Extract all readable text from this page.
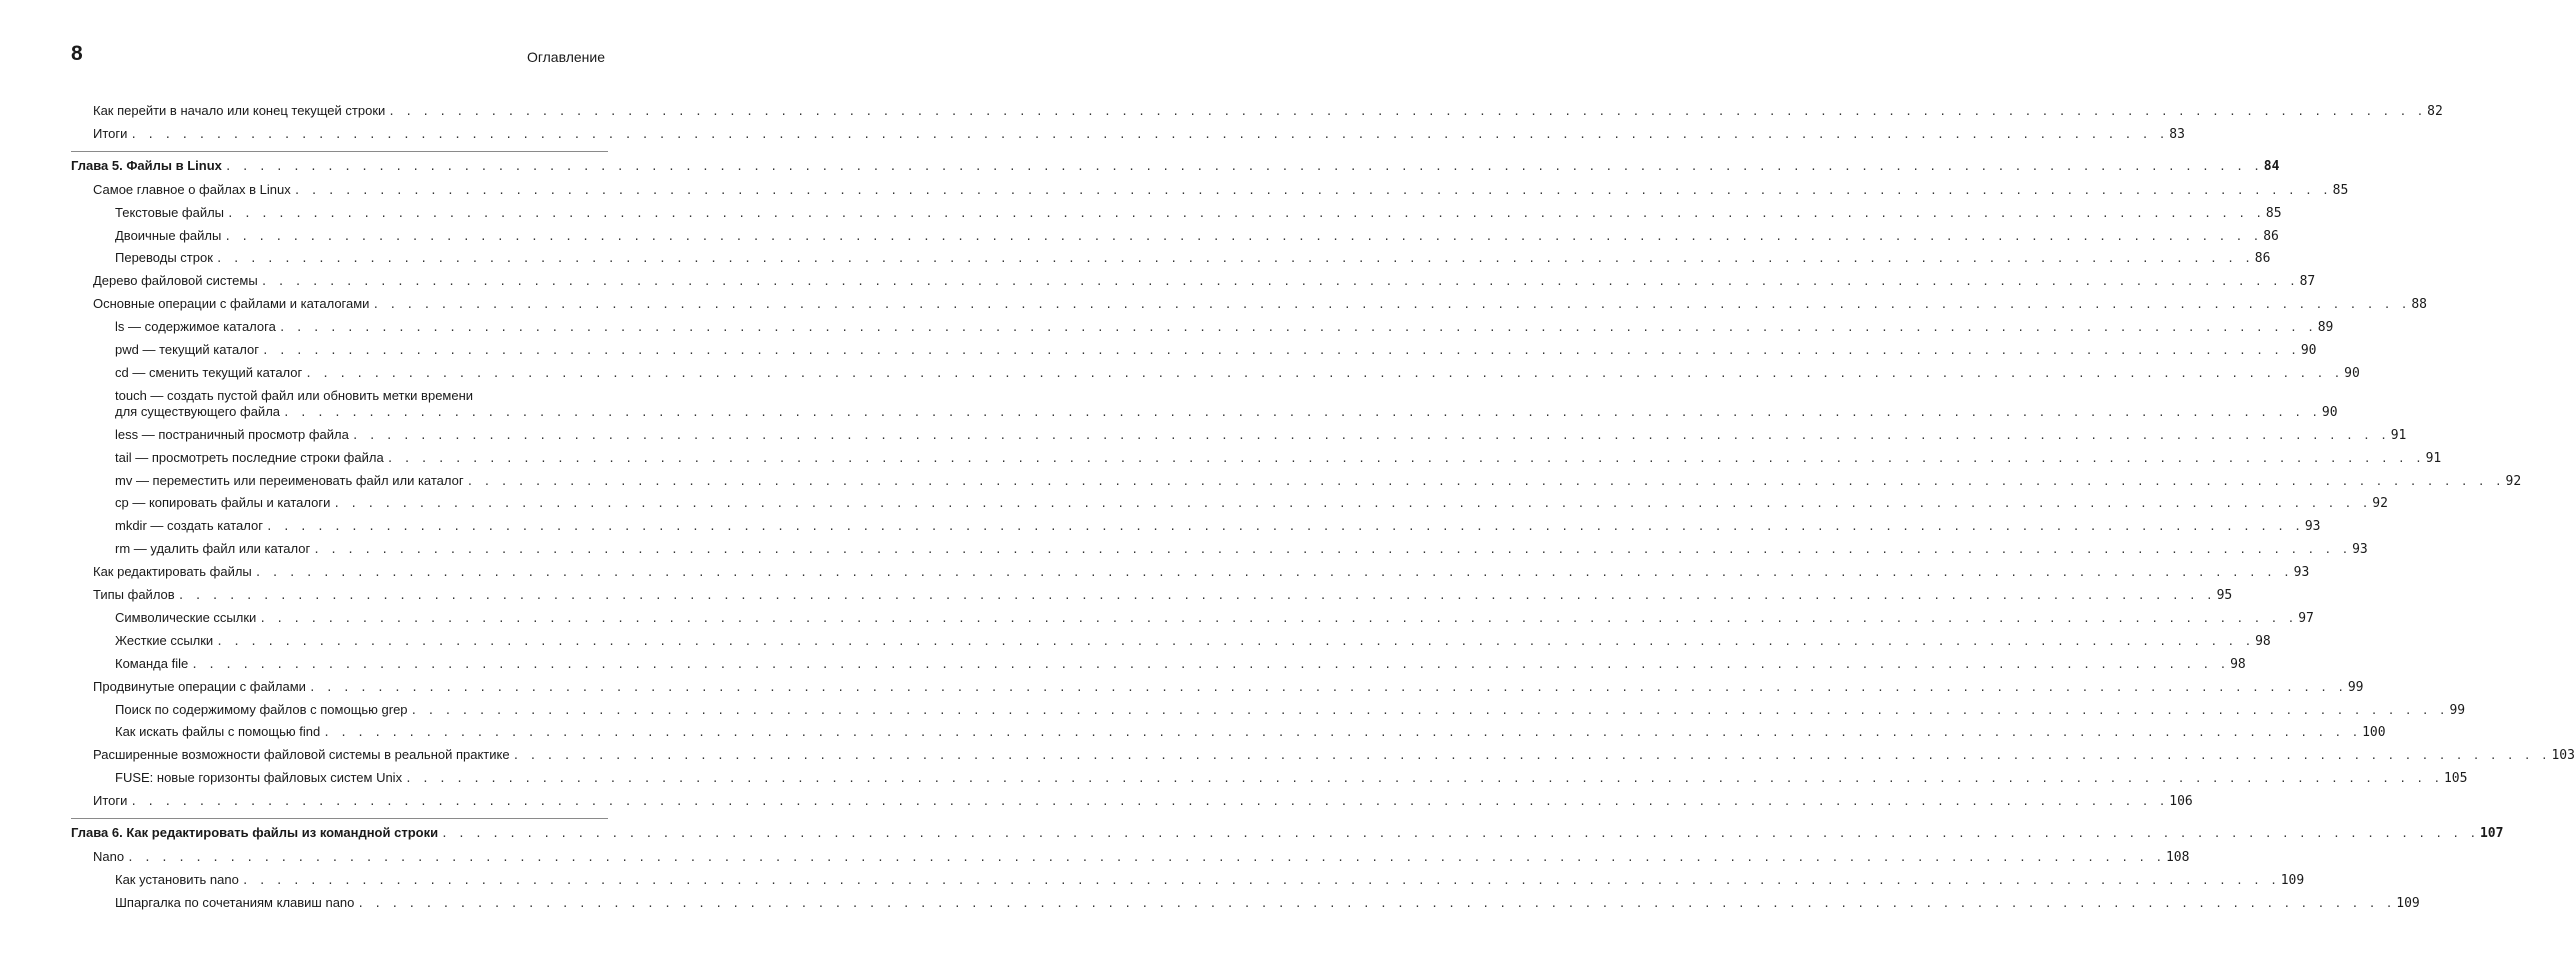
8	Оглавление
Как перейти в начало или конец текущей строки . . . . . . . . . . . . . . . . . . . . . . . . . . . . . . . . . . . . . . . . . . . . . . . . . . . . . . . . . . . . . . . . . . . . . . . . . . . . . . . . . . . . . . . . . . . . . . . . . . . . . . . . . . . . . . . . . . . . . . . . 82
Итоги . . . . . . . . . . . . . . . . . . . . . . . . . . . . . . . . . . . . . . . . . . . . . . . . . . . . . . . . . . . . . . . . . . . . . . . . . . . . . . . . . . . . . . . . . . . . . . . . . . . . . . . . . . . . . . . . . . . . . . . . 83
Глава 5. Файлы в Linux . . . . . . . . . . . . . . . . . . . . . . . . . . . . . . . . . . . . . . . . . . . . . . . . . . . . . . . . . . . . . . . . . . . . . . . . . . . . . . . . . . . . . . . . . . . . . . . . . . . . . . . . . . . . . . . . . . . . . . . . 84
Самое главное о файлах в Linux . . . . . . . . . . . . . . . . . . . . . . . . . . . . . . . . . . . . . . . . . . . . . . . . . . . . . . . . . . . . . . . . . . . . . . . . . . . . . . . . . . . . . . . . . . . . . . . . . . . . . . . . . . . . . . . . . . . . . . . . 85
Текстовые файлы . . . . . . . . . . . . . . . . . . . . . . . . . . . . . . . . . . . . . . . . . . . . . . . . . . . . . . . . . . . . . . . . . . . . . . . . . . . . . . . . . . . . . . . . . . . . . . . . . . . . . . . . . . . . . . . . . . . . . . . . 85
Двоичные файлы . . . . . . . . . . . . . . . . . . . . . . . . . . . . . . . . . . . . . . . . . . . . . . . . . . . . . . . . . . . . . . . . . . . . . . . . . . . . . . . . . . . . . . . . . . . . . . . . . . . . . . . . . . . . . . . . . . . . . . . . 86
Переводы строк . . . . . . . . . . . . . . . . . . . . . . . . . . . . . . . . . . . . . . . . . . . . . . . . . . . . . . . . . . . . . . . . . . . . . . . . . . . . . . . . . . . . . . . . . . . . . . . . . . . . . . . . . . . . . . . . . . . . . . . . 86
Дерево файловой системы . . . . . . . . . . . . . . . . . . . . . . . . . . . . . . . . . . . . . . . . . . . . . . . . . . . . . . . . . . . . . . . . . . . . . . . . . . . . . . . . . . . . . . . . . . . . . . . . . . . . . . . . . . . . . . . . . . . . . . . . 87
Основные операции с файлами и каталогами . . . . . . . . . . . . . . . . . . . . . . . . . . . . . . . . . . . . . . . . . . . . . . . . . . . . . . . . . . . . . . . . . . . . . . . . . . . . . . . . . . . . . . . . . . . . . . . . . . . . . . . . . . . . . . . . . . . . . . . . 88
ls — содержимое каталога . . . . . . . . . . . . . . . . . . . . . . . . . . . . . . . . . . . . . . . . . . . . . . . . . . . . . . . . . . . . . . . . . . . . . . . . . . . . . . . . . . . . . . . . . . . . . . . . . . . . . . . . . . . . . . . . . . . . . . . . 89
pwd — текущий каталог . . . . . . . . . . . . . . . . . . . . . . . . . . . . . . . . . . . . . . . . . . . . . . . . . . . . . . . . . . . . . . . . . . . . . . . . . . . . . . . . . . . . . . . . . . . . . . . . . . . . . . . . . . . . . . . . . . . . . . . . 90
cd — сменить текущий каталог . . . . . . . . . . . . . . . . . . . . . . . . . . . . . . . . . . . . . . . . . . . . . . . . . . . . . . . . . . . . . . . . . . . . . . . . . . . . . . . . . . . . . . . . . . . . . . . . . . . . . . . . . . . . . . . . . . . . . . . . 90
touch — создать пустой файл или обновить метки времени
для существующего файла . . . . . . . . . . . . . . . . . . . . . . . . . . . . . . . . . . . . . . . . . . . . . . . . . . . . . . . . . . . . . . . . . . . . . . . . . . . . . . . . . . . . . . . . . . . . . . . . . . . . . . . . . . . . . . . . . . . . . . . . 90
less — постраничный просмотр файла . . . . . . . . . . . . . . . . . . . . . . . . . . . . . . . . . . . . . . . . . . . . . . . . . . . . . . . . . . . . . . . . . . . . . . . . . . . . . . . . . . . . . . . . . . . . . . . . . . . . . . . . . . . . . . . . . . . . . . . . 91
tail — просмотреть последние строки файла . . . . . . . . . . . . . . . . . . . . . . . . . . . . . . . . . . . . . . . . . . . . . . . . . . . . . . . . . . . . . . . . . . . . . . . . . . . . . . . . . . . . . . . . . . . . . . . . . . . . . . . . . . . . . . . . . . . . . . . . 91
mv — переместить или переименовать файл или каталог . . . . . . . . . . . . . . . . . . . . . . . . . . . . . . . . . . . . . . . . . . . . . . . . . . . . . . . . . . . . . . . . . . . . . . . . . . . . . . . . . . . . . . . . . . . . . . . . . . . . . . . . . . . . . . . . . . . . . . . . 92
cp — копировать файлы и каталоги . . . . . . . . . . . . . . . . . . . . . . . . . . . . . . . . . . . . . . . . . . . . . . . . . . . . . . . . . . . . . . . . . . . . . . . . . . . . . . . . . . . . . . . . . . . . . . . . . . . . . . . . . . . . . . . . . . . . . . . . 92
mkdir — создать каталог . . . . . . . . . . . . . . . . . . . . . . . . . . . . . . . . . . . . . . . . . . . . . . . . . . . . . . . . . . . . . . . . . . . . . . . . . . . . . . . . . . . . . . . . . . . . . . . . . . . . . . . . . . . . . . . . . . . . . . . . 93
rm — удалить файл или каталог . . . . . . . . . . . . . . . . . . . . . . . . . . . . . . . . . . . . . . . . . . . . . . . . . . . . . . . . . . . . . . . . . . . . . . . . . . . . . . . . . . . . . . . . . . . . . . . . . . . . . . . . . . . . . . . . . . . . . . . . 93
Как редактировать файлы . . . . . . . . . . . . . . . . . . . . . . . . . . . . . . . . . . . . . . . . . . . . . . . . . . . . . . . . . . . . . . . . . . . . . . . . . . . . . . . . . . . . . . . . . . . . . . . . . . . . . . . . . . . . . . . . . . . . . . . . 93
Типы файлов . . . . . . . . . . . . . . . . . . . . . . . . . . . . . . . . . . . . . . . . . . . . . . . . . . . . . . . . . . . . . . . . . . . . . . . . . . . . . . . . . . . . . . . . . . . . . . . . . . . . . . . . . . . . . . . . . . . . . . . . 95
Символические ссылки . . . . . . . . . . . . . . . . . . . . . . . . . . . . . . . . . . . . . . . . . . . . . . . . . . . . . . . . . . . . . . . . . . . . . . . . . . . . . . . . . . . . . . . . . . . . . . . . . . . . . . . . . . . . . . . . . . . . . . . . 97
Жесткие ссылки . . . . . . . . . . . . . . . . . . . . . . . . . . . . . . . . . . . . . . . . . . . . . . . . . . . . . . . . . . . . . . . . . . . . . . . . . . . . . . . . . . . . . . . . . . . . . . . . . . . . . . . . . . . . . . . . . . . . . . . . 98
Команда file . . . . . . . . . . . . . . . . . . . . . . . . . . . . . . . . . . . . . . . . . . . . . . . . . . . . . . . . . . . . . . . . . . . . . . . . . . . . . . . . . . . . . . . . . . . . . . . . . . . . . . . . . . . . . . . . . . . . . . . . 98
Продвинутые операции с файлами . . . . . . . . . . . . . . . . . . . . . . . . . . . . . . . . . . . . . . . . . . . . . . . . . . . . . . . . . . . . . . . . . . . . . . . . . . . . . . . . . . . . . . . . . . . . . . . . . . . . . . . . . . . . . . . . . . . . . . . . 99
Поиск по содержимому файлов с помощью grep . . . . . . . . . . . . . . . . . . . . . . . . . . . . . . . . . . . . . . . . . . . . . . . . . . . . . . . . . . . . . . . . . . . . . . . . . . . . . . . . . . . . . . . . . . . . . . . . . . . . . . . . . . . . . . . . . . . . . . . . 99
Как искать файлы с помощью find . . . . . . . . . . . . . . . . . . . . . . . . . . . . . . . . . . . . . . . . . . . . . . . . . . . . . . . . . . . . . . . . . . . . . . . . . . . . . . . . . . . . . . . . . . . . . . . . . . . . . . . . . . . . . . . . . . . . . . . . 100
Расширенные возможности файловой системы в реальной практике . . . . . . . . . . . . . . . . . . . . . . . . . . . . . . . . . . . . . . . . . . . . . . . . . . . . . . . . . . . . . . . . . . . . . . . . . . . . . . . . . . . . . . . . . . . . . . . . . . . . . . . . . . . . . . . . . . . . . . . . 103
FUSE: новые горизонты файловых систем Unix . . . . . . . . . . . . . . . . . . . . . . . . . . . . . . . . . . . . . . . . . . . . . . . . . . . . . . . . . . . . . . . . . . . . . . . . . . . . . . . . . . . . . . . . . . . . . . . . . . . . . . . . . . . . . . . . . . . . . . . . 105
Итоги . . . . . . . . . . . . . . . . . . . . . . . . . . . . . . . . . . . . . . . . . . . . . . . . . . . . . . . . . . . . . . . . . . . . . . . . . . . . . . . . . . . . . . . . . . . . . . . . . . . . . . . . . . . . . . . . . . . . . . . . 106
Глава 6. Как редактировать файлы из командной строки . . . . . . . . . . . . . . . . . . . . . . . . . . . . . . . . . . . . . . . . . . . . . . . . . . . . . . . . . . . . . . . . . . . . . . . . . . . . . . . . . . . . . . . . . . . . . . . . . . . . . . . . . . . . . . . . . . . . . . . . 107
Nano . . . . . . . . . . . . . . . . . . . . . . . . . . . . . . . . . . . . . . . . . . . . . . . . . . . . . . . . . . . . . . . . . . . . . . . . . . . . . . . . . . . . . . . . . . . . . . . . . . . . . . . . . . . . . . . . . . . . . . . . 108
Как установить nano . . . . . . . . . . . . . . . . . . . . . . . . . . . . . . . . . . . . . . . . . . . . . . . . . . . . . . . . . . . . . . . . . . . . . . . . . . . . . . . . . . . . . . . . . . . . . . . . . . . . . . . . . . . . . . . . . . . . . . . . 109
Шпаргалка по сочетаниям клавиш nano . . . . . . . . . . . . . . . . . . . . . . . . . . . . . . . . . . . . . . . . . . . . . . . . . . . . . . . . . . . . . . . . . . . . . . . . . . . . . . . . . . . . . . . . . . . . . . . . . . . . . . . . . . . . . . . . . . . . . . . . 109
